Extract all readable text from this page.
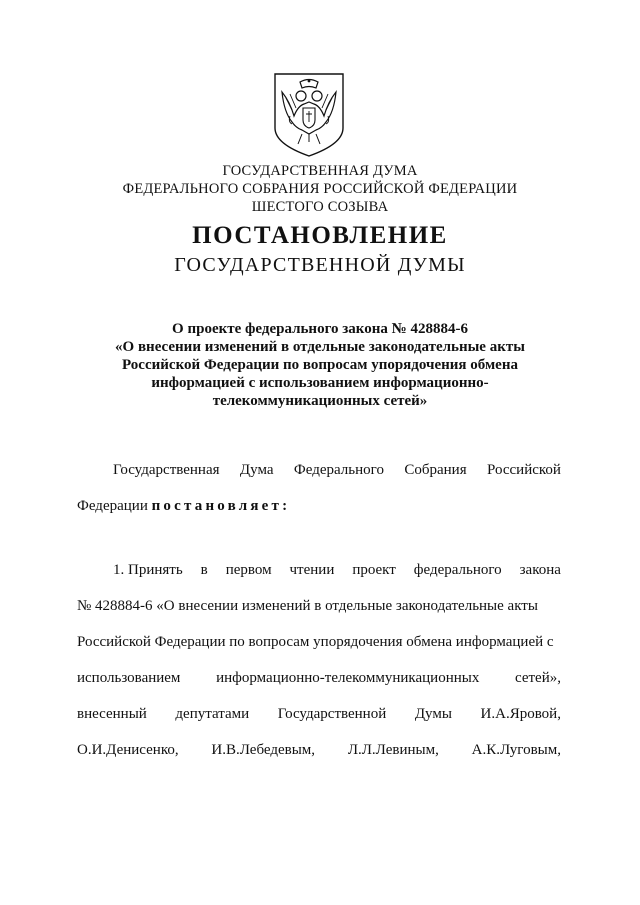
ГОСУДАРСТВЕННАЯ ДУМА
ФЕДЕРАЛЬНОГО СОБРАНИЯ РОССИЙСКОЙ ФЕДЕРАЦИИ
ШЕСТОГО СОЗЫВА
ПОСТАНОВЛЕНИЕ
ГОСУДАРСТВЕННОЙ ДУМЫ
О проекте федерального закона № 428884-6
«О внесении изменений в отдельные законодательные акты
Российской Федерации по вопросам упорядочения обмена
информацией с использованием информационно-
телекоммуникационных сетей»
Государственная Дума Федерального Собрания Российской
Федерации постановляет:
1. Принять в первом чтении проект федерального закона
№ 428884-6 «О внесении изменений в отдельные законодательные акты
Российской Федерации по вопросам упорядочения обмена информацией с
использованием информационно-телекоммуникационных сетей»,
внесенный депутатами Государственной Думы И.А.Яровой,
О.И.Денисенко, И.В.Лебедевым, Л.Л.Левиным, А.К.Луговым,
